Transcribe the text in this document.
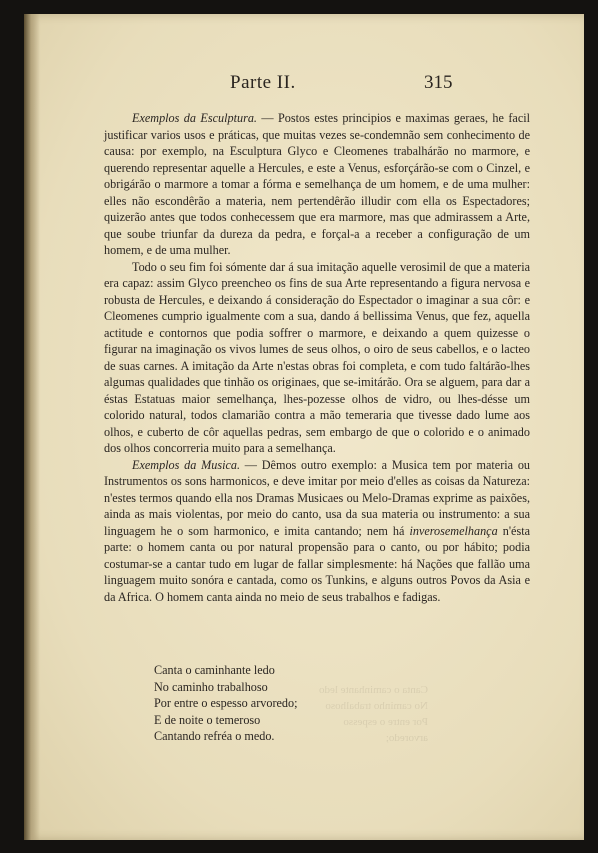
Parte II.	315

Exemplos da Esculptura. — Postos estes principios e maximas geraes, he facil justificar varios usos e práticas, que muitas vezes se-condemnão sem conhecimento de causa: por exemplo, na Esculptura Glyco e Cleomenes trabalhárão no marmore, e querendo representar aquelle a Hercules, e este a Venus, esforçárão-se com o Cinzel, e obrigárão o marmore a tomar a fórma e semelhança de um homem, e de uma mulher: elles não escondêrão a materia, nem pertendêrão illudir com ella os Espectadores; quizerão antes que todos conhecessem que era marmore, mas que admirassem a Arte, que soube triunfar da dureza da pedra, e forçal-a a receber a configuração de um homem, e de uma mulher.

Todo o seu fim foi sómente dar á sua imitação aquelle verosimil de que a materia era capaz: assim Glyco preencheo os fins de sua Arte representando a figura nervosa e robusta de Hercules, e deixando á consideração do Espectador o imaginar a sua côr: e Cleomenes cumprio igualmente com a sua, dando á bellissima Venus, que fez, aquella actitude e contornos que podia soffrer o marmore, e deixando a quem quizesse o figurar na imaginação os vivos lumes de seus olhos, o oiro de seus cabellos, e o lacteo de suas carnes. A imitação da Arte n'estas obras foi completa, e com tudo faltárão-lhes algumas qualidades que tinhão os originaes, que se-imitárão. Ora se alguem, para dar a éstas Estatuas maior semelhança, lhes-pozesse olhos de vidro, ou lhes-désse um colorido natural, todos clamarião contra a mão temeraria que tivesse dado lume aos olhos, e cuberto de côr aquellas pedras, sem embargo de que o colorido e o animado dos olhos concorreria muito para a semelhança.

Exemplos da Musica. — Dêmos outro exemplo: a Musica tem por materia ou Instrumentos os sons harmonicos, e deve imitar por meio d'elles as coisas da Natureza: n'estes termos quando ella nos Dramas Musicaes ou Melo-Dramas exprime as paixões, ainda as mais violentas, por meio do canto, usa da sua materia ou instrumento: a sua linguagem he o som harmonico, e imita cantando; nem há inverosemelhança n'ésta parte: o homem canta ou por natural propensão para o canto, ou por hábito; podia costumar-se a cantar tudo em lugar de fallar simplesmente: há Nações que fallão uma linguagem muito sonóra e cantada, como os Tunkins, e alguns outros Povos da Asia e da Africa. O homem canta ainda no meio de seus trabalhos e fadigas.

Canta o caminhante ledo
No caminho trabalhoso
Por entre o espesso arvoredo;
E de noite o temeroso
Cantando refréa o medo.
Canta o caminhante ledo
No caminho trabalhoso
Por entre o espesso arvoredo;
